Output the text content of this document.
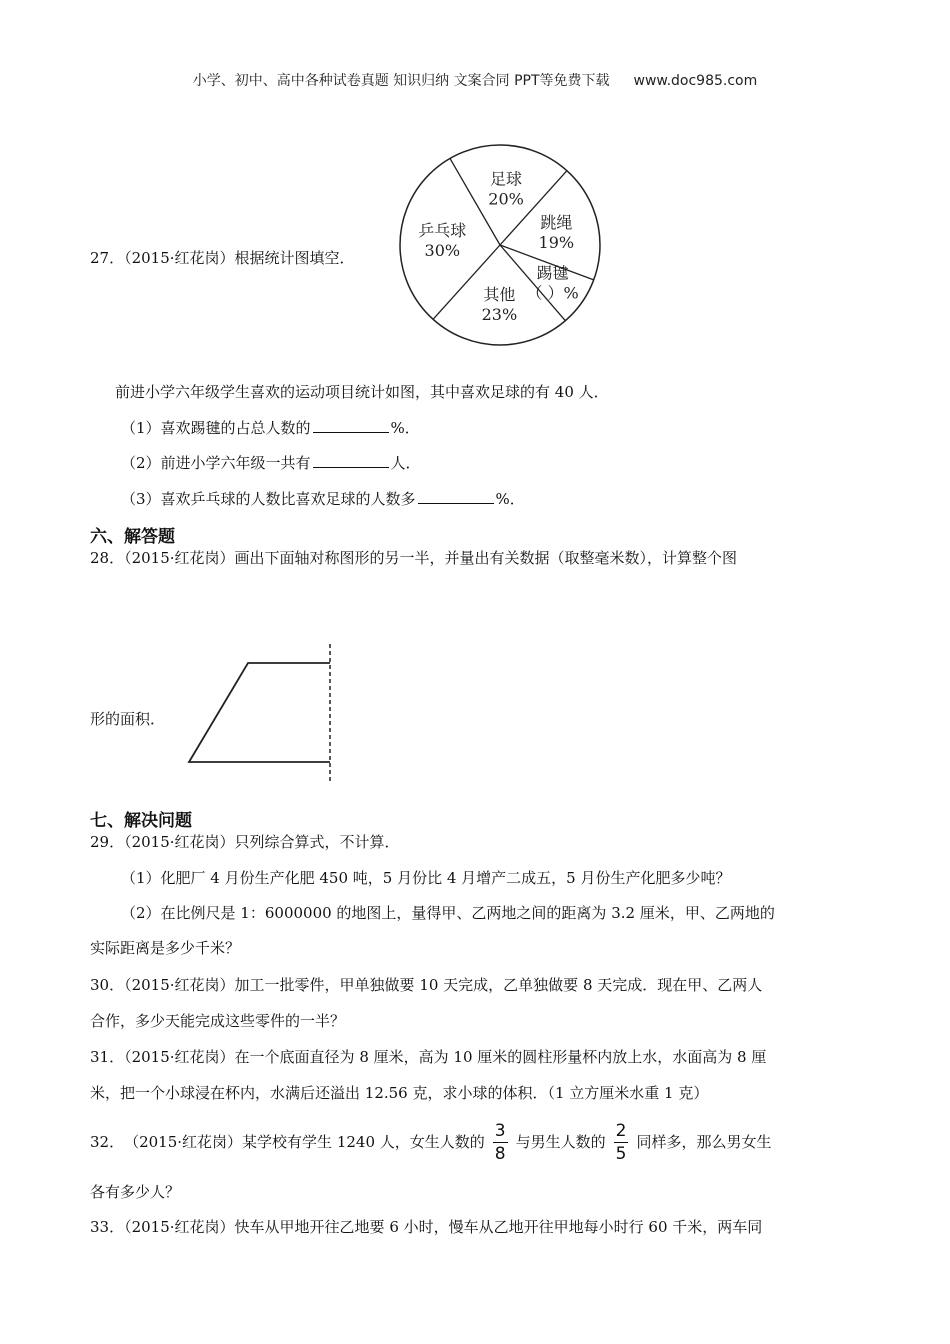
小学、初中、高中各种试卷真题 知识归纳 文案合同 PPT等免费下载 www.doc985.com
27．（2015·红花岗）根据统计图填空．
足球
20%
跳绳
19%
踢毽
（ ）%
其他
23%
乒乓球
30%
前进小学六年级学生喜欢的运动项目统计如图，其中喜欢足球的有 40 人．
（1）喜欢踢毽的占总人数的	%．
（2）前进小学六年级一共有	人．
（3）喜欢乒乓球的人数比喜欢足球的人数多	%．
六、解答题
28．（2015·红花岗）画出下面轴对称图形的另一半，并量出有关数据（取整毫米数），计算整个图
形的面积．
七、解决问题
29．（2015·红花岗）只列综合算式，不计算．
（1）化肥厂 4 月份生产化肥 450 吨，5 月份比 4 月增产二成五，5 月份生产化肥多少吨？
（2）在比例尺是 1：6000000 的地图上，量得甲、乙两地之间的距离为 3.2 厘米，甲、乙两地的
实际距离是多少千米？
30．（2015·红花岗）加工一批零件，甲单独做要 10 天完成，乙单独做要 8 天完成．现在甲、乙两人
合作，多少天能完成这些零件的一半？
31．（2015·红花岗）在一个底面直径为 8 厘米，高为 10 厘米的圆柱形量杯内放上水，水面高为 8 厘
米，把一个小球浸在杯内，水满后还溢出 12.56 克，求小球的体积．（1 立方厘米水重 1 克）
32． （2015·红花岗） 某学校有学生 1240 人，女生人数的 $\frac{3}{8}$ 与男生人数的 $\frac{2}{5}$ 同样多，那么男女生
各有多少人？
33．（2015·红花岗）快车从甲地开往乙地要 6 小时，慢车从乙地开往甲地每小时行 60 千米，两车同
